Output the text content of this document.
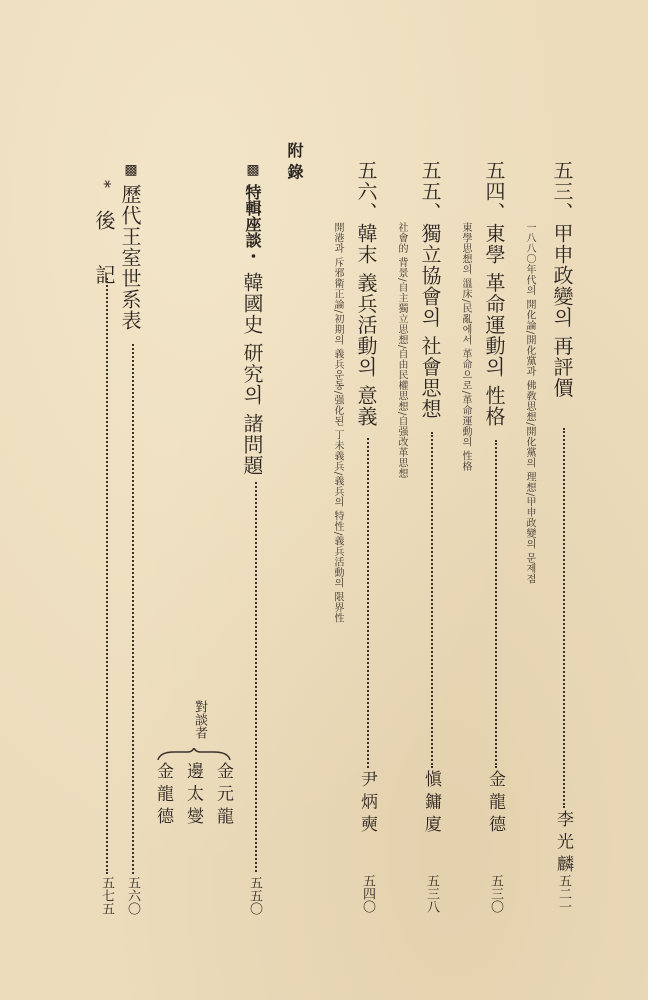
五三、甲申政變의 再評價
一八八〇年代의 開化論/開化黨과 佛敎思想/開化黨의 理想/甲申政變의 문제점
李 光 麟
五二一
五四、東學 革命運動의 性格
東學思想의 溫床/民亂에서 革命으로/革命運動의 性格
金 龍 德
五三〇
五五、獨立協會의 社會思想
社會的 背景/自主獨立思想/自由民權思想/自强改革思想
愼 鏞 廈
五三八
五六、韓末 義兵活動의 意義
開港과 斥邪衛正論/初期의 義兵운동/强化된 丁未義兵/義兵의 特性/義兵活動의 限界性
尹 炳 奭
五四〇
附 錄
▩
特輯座談・
韓國史 研究의 諸問題
五五〇
對談者
金 元 龍
邊 太 燮
金 龍 德
▩
歷代王室世系表
五六〇
*
後 記
五七五
